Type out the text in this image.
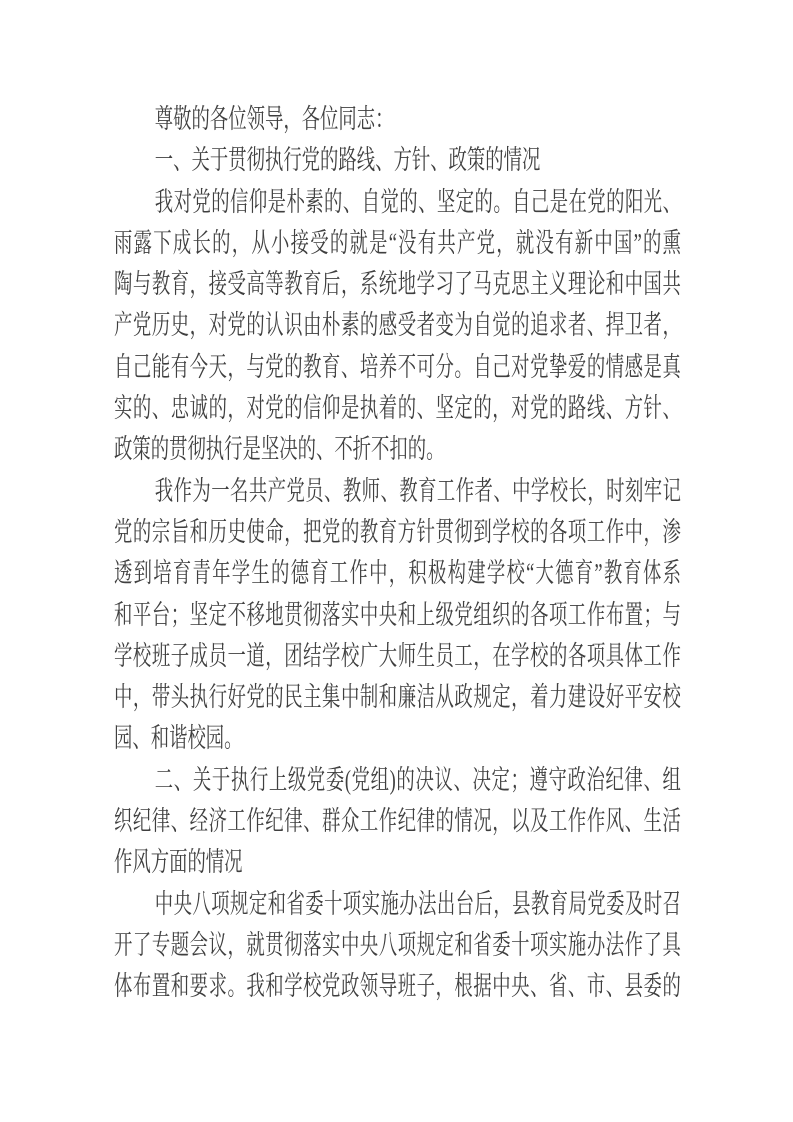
尊敬的各位领导，各位同志：
一、关于贯彻执行党的路线、方针、政策的情况
我 对 党 的 信 仰 是 朴 素 的 、 自 觉 的 、 坚 定 的 。 自 己 是 在 党 的 阳 光 、
雨 露 下 成 长 的 ， 从 小 接 受 的 就 是 “ 没 有 共 产 党 ， 就 没 有 新 中 国 ” 的 熏
陶 与 教 育 ， 接 受 高 等 教 育 后 ， 系 统 地 学 习 了 马 克 思 主 义 理 论 和 中 国 共
产 党 历 史 ， 对 党 的 认 识 由 朴 素 的 感 受 者 变 为 自 觉 的 追 求 者 、 捍 卫 者 ，
自 己 能 有 今 天 ， 与 党 的 教 育 、 培 养 不 可 分 。 自 己 对 党 挚 爱 的 情 感 是 真
实 的 、 忠 诚 的 ， 对 党 的 信 仰 是 执 着 的 、 坚 定 的 ， 对 党 的 路 线 、 方 针 、
政策的贯彻执行是坚决的、不折不扣的。
我 作 为 一 名 共 产 党 员 、 教 师 、 教 育 工 作 者 、 中 学 校 长 ， 时 刻 牢 记
党 的 宗 旨 和 历 史 使 命 ， 把 党 的 教 育 方 针 贯 彻 到 学 校 的 各 项 工 作 中 ， 渗
透 到 培 育 青 年 学 生 的 德 育 工 作 中 ， 积 极 构 建 学 校 “ 大 德 育 ” 教 育 体 系
和 平 台 ； 坚 定 不 移 地 贯 彻 落 实 中 央 和 上 级 党 组 织 的 各 项 工 作 布 置 ； 与
学 校 班 子 成 员 一 道 ， 团 结 学 校 广 大 师 生 员 工 ， 在 学 校 的 各 项 具 体 工 作
中 ， 带 头 执 行 好 党 的 民 主 集 中 制 和 廉 洁 从 政 规 定 ， 着 力 建 设 好 平 安 校
园、和谐校园。
二 、 关 于 执 行 上 级 党 委 ( 党 组 ) 的 决 议 、 决 定 ； 遵 守 政 治 纪 律 、 组
织 纪 律 、 经 济 工 作 纪 律 、 群 众 工 作 纪 律 的 情 况 ， 以 及 工 作 作 风 、 生 活
作风方面的情况
中 央 八 项 规 定 和 省 委 十 项 实 施 办 法 出 台 后 ， 县 教 育 局 党 委 及 时 召
开 了 专 题 会 议 ， 就 贯 彻 落 实 中 央 八 项 规 定 和 省 委 十 项 实 施 办 法 作 了 具
体 布 置 和 要 求 。 我 和 学 校 党 政 领 导 班 子 ， 根 据 中 央 、 省 、 市 、 县 委 的
